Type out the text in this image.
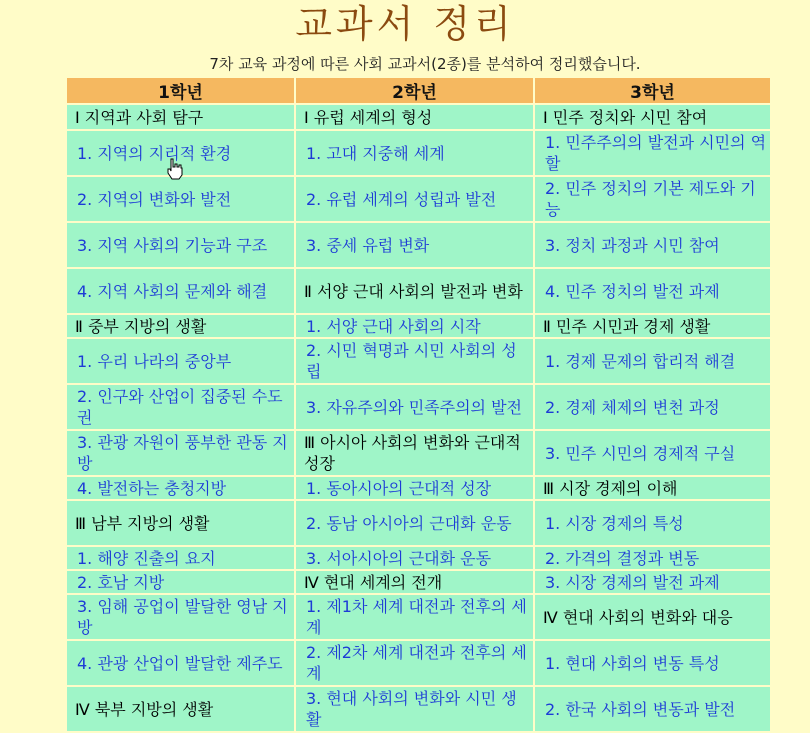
교과서 정리
7차 교육 과정에 따른 사회 교과서(2종)를 분석하여 정리했습니다.
1학년	2학년	3학년
Ⅰ 지역과 사회 탐구	Ⅰ 유럽 세계의 형성	Ⅰ 민주 정치와 시민 참여
1. 지역의 지리적 환경	1. 고대 지중해 세계	1. 민주주의의 발전과 시민의 역할
2. 지역의 변화와 발전	2. 유럽 세계의 성립과 발전	2. 민주 정치의 기본 제도와 기능
3. 지역 사회의 기능과 구조	3. 중세 유럽 변화	3. 정치 과정과 시민 참여
4. 지역 사회의 문제와 해결	Ⅱ 서양 근대 사회의 발전과 변화	4. 민주 정치의 발전 과제
Ⅱ 중부 지방의 생활	1. 서양 근대 사회의 시작	Ⅱ 민주 시민과 경제 생활
1. 우리 나라의 중앙부	2. 시민 혁명과 시민 사회의 성립	1. 경제 문제의 합리적 해결
2. 인구와 산업이 집중된 수도권	3. 자유주의와 민족주의의 발전	2. 경제 체제의 변천 과정
3. 관광 자원이 풍부한 관동 지방	Ⅲ 아시아 사회의 변화와 근대적 성장	3. 민주 시민의 경제적 구실
4. 발전하는 충청지방	1. 동아시아의 근대적 성장	Ⅲ 시장 경제의 이해
Ⅲ 남부 지방의 생활	2. 동남 아시아의 근대화 운동	1. 시장 경제의 특성
1. 해양 진출의 요지	3. 서아시아의 근대화 운동	2. 가격의 결정과 변동
2. 호남 지방	Ⅳ 현대 세계의 전개	3. 시장 경제의 발전 과제
3. 임해 공업이 발달한 영남 지방	1. 제1차 세계 대전과 전후의 세계	Ⅳ 현대 사회의 변화와 대응
4. 관광 산업이 발달한 제주도	2. 제2차 세계 대전과 전후의 세계	1. 현대 사회의 변동 특성
Ⅳ 북부 지방의 생활	3. 현대 사회의 변화와 시민 생활	2. 한국 사회의 변동과 발전
